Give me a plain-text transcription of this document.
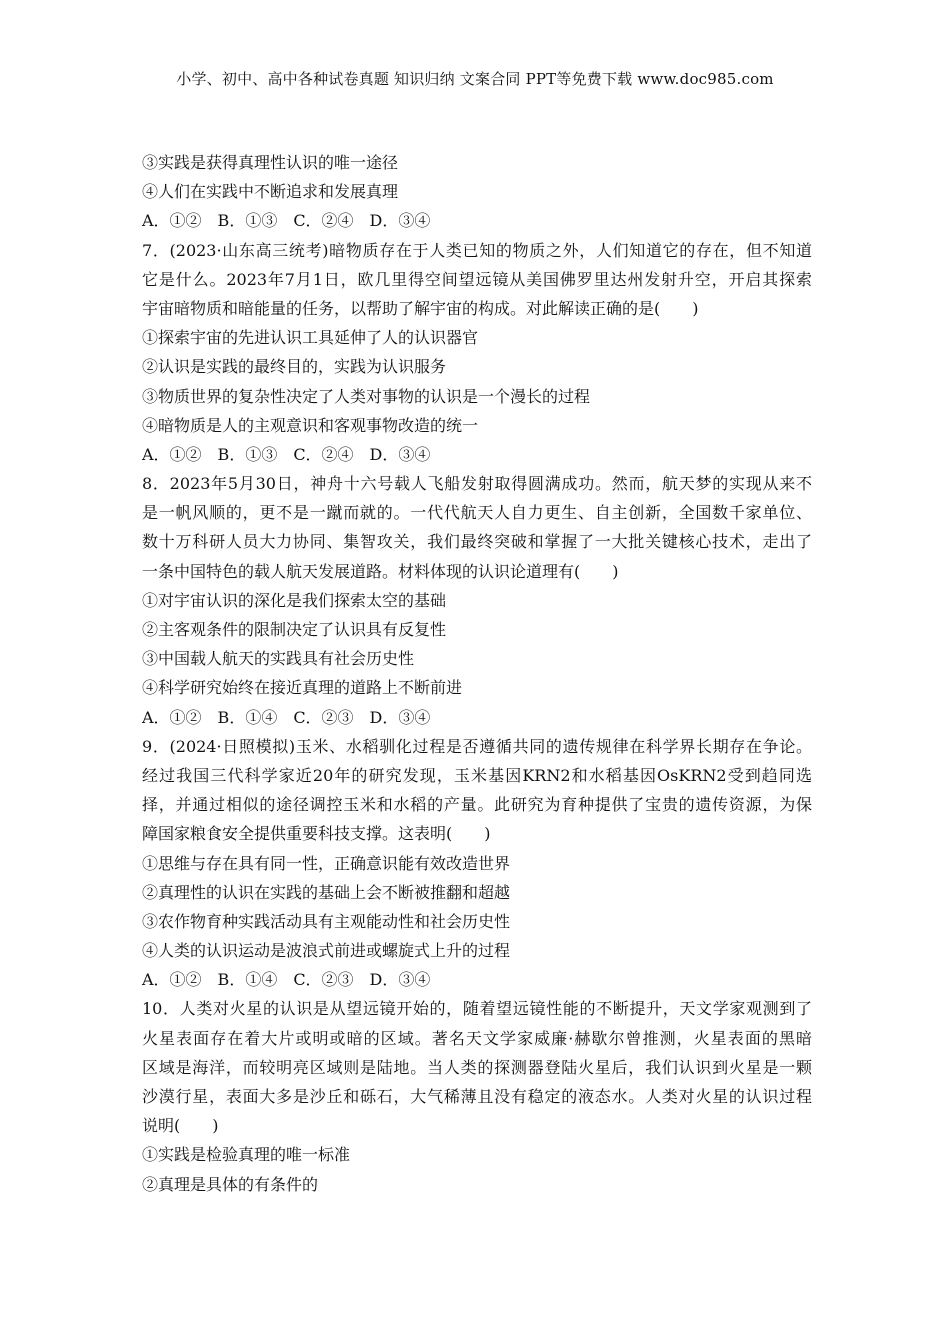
小学、初中、高中各种试卷真题 知识归纳 文案合同 PPT等免费下载 www.doc985.com
③实践是获得真理性认识的唯一途径
④人们在实践中不断追求和发展真理
A．①②　B．①③　C．②④　D．③④
7．(2023·山东高三统考)暗物质存在于人类已知的物质之外，人们知道它的存在，但不知道
它是什么。2023年7月1日，欧几里得空间望远镜从美国佛罗里达州发射升空，开启其探索
宇宙暗物质和暗能量的任务，以帮助了解宇宙的构成。对此解读正确的是(　　)
①探索宇宙的先进认识工具延伸了人的认识器官
②认识是实践的最终目的，实践为认识服务
③物质世界的复杂性决定了人类对事物的认识是一个漫长的过程
④暗物质是人的主观意识和客观事物改造的统一
A．①②　B．①③　C．②④　D．③④
8．2023年5月30日，神舟十六号载人飞船发射取得圆满成功。然而，航天梦的实现从来不
是一帆风顺的，更不是一蹴而就的。一代代航天人自力更生、自主创新，全国数千家单位、
数十万科研人员大力协同、集智攻关，我们最终突破和掌握了一大批关键核心技术，走出了
一条中国特色的载人航天发展道路。材料体现的认识论道理有(　　)
①对宇宙认识的深化是我们探索太空的基础
②主客观条件的限制决定了认识具有反复性
③中国载人航天的实践具有社会历史性
④科学研究始终在接近真理的道路上不断前进
A．①②　B．①④　C．②③　D．③④
9．(2024·日照模拟)玉米、水稻驯化过程是否遵循共同的遗传规律在科学界长期存在争论。
经过我国三代科学家近20年的研究发现，玉米基因KRN2和水稻基因OsKRN2受到趋同选
择，并通过相似的途径调控玉米和水稻的产量。此研究为育种提供了宝贵的遗传资源，为保
障国家粮食安全提供重要科技支撑。这表明(　　)
①思维与存在具有同一性，正确意识能有效改造世界
②真理性的认识在实践的基础上会不断被推翻和超越
③农作物育种实践活动具有主观能动性和社会历史性
④人类的认识运动是波浪式前进或螺旋式上升的过程
A．①②　B．①④　C．②③　D．③④
10．人类对火星的认识是从望远镜开始的，随着望远镜性能的不断提升，天文学家观测到了
火星表面存在着大片或明或暗的区域。著名天文学家威廉·赫歇尔曾推测，火星表面的黑暗
区域是海洋，而较明亮区域则是陆地。当人类的探测器登陆火星后，我们认识到火星是一颗
沙漠行星，表面大多是沙丘和砾石，大气稀薄且没有稳定的液态水。人类对火星的认识过程
说明(　　)
①实践是检验真理的唯一标准
②真理是具体的有条件的
